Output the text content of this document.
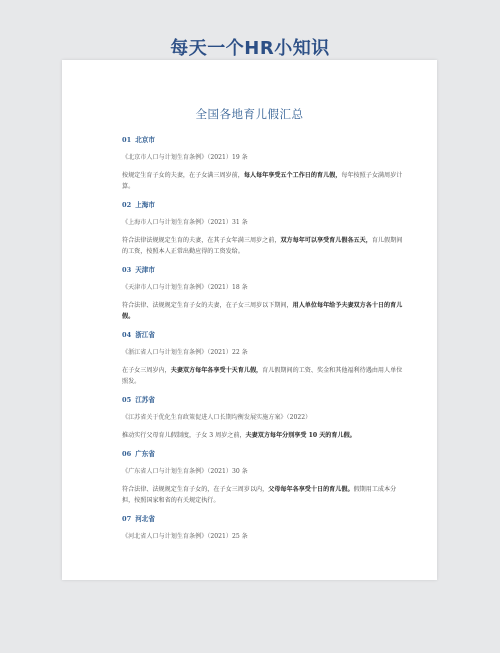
每天一个HR小知识
全国各地育儿假汇总
01 北京市
《北京市人口与计划生育条例》（2021）19 条
按规定生育子女的夫妻，在子女满三周岁前，每人每年享受五个工作日的育儿假，每年按照子女满周岁计算。
02 上海市
《上海市人口与计划生育条例》（2021）31 条
符合法律法规规定生育的夫妻，在其子女年满三周岁之前，双方每年可以享受育儿假各五天，育儿假期间的工资，按照本人正常出勤应得的工资发给。
03 天津市
《天津市人口与计划生育条例》（2021）18 条
符合法律、法规规定生育子女的夫妻，在子女三周岁以下期间，用人单位每年给予夫妻双方各十日的育儿假。
04 浙江省
《浙江省人口与计划生育条例》（2021）22 条
在子女三周岁内，夫妻双方每年各享受十天育儿假，育儿假期间的工资、奖金和其他福利待遇由用人单位照发。
05 江苏省
《江苏省关于优化生育政策促进人口长期均衡发展实施方案》（2022）
推动实行父母育儿假制度，子女 3 周岁之前，夫妻双方每年分别享受 10 天的育儿假。
06 广东省
《广东省人口与计划生育条例》（2021）30 条
符合法律、法规规定生育子女的，在子女三周岁以内，父母每年各享受十日的育儿假。假期用工成本分担，按照国家和省的有关规定执行。
07 河北省
《河北省人口与计划生育条例》（2021）25 条
